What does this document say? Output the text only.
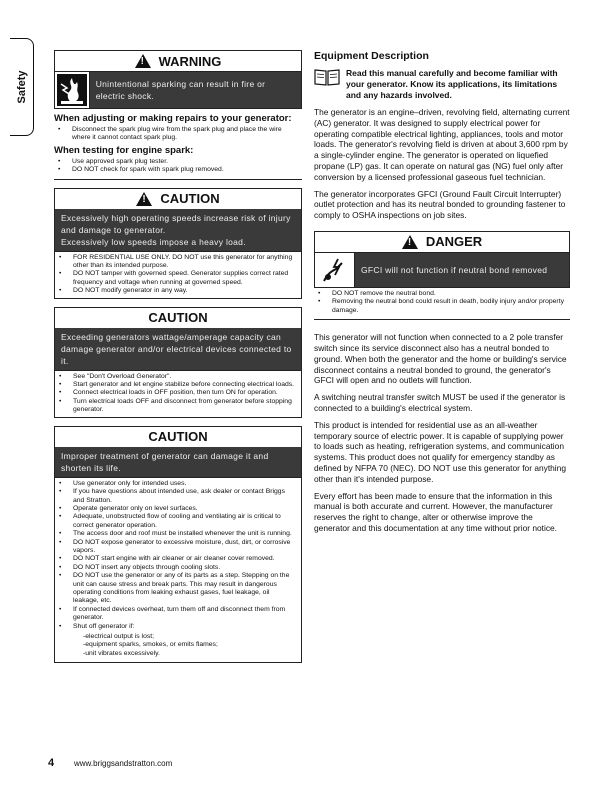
Safety
!
WARNING
Unintentional sparking can result in fire or electric shock.
When adjusting or making repairs to your generator:
• Disconnect the spark plug wire from the spark plug and place the wire where it cannot contact spark plug.
When testing for engine spark:
• Use approved spark plug tester.
• DO NOT check for spark with spark plug removed.
!
CAUTION
Excessively high operating speeds increase risk of injury and damage to generator.
Excessively low speeds impose a heavy load.
• FOR RESIDENTIAL USE ONLY. DO NOT use this generator for anything other than its intended purpose.
• DO NOT tamper with governed speed. Generator supplies correct rated frequency and voltage when running at governed speed.
• DO NOT modify generator in any way.
CAUTION
Exceeding generators wattage/amperage capacity can damage generator and/or electrical devices connected to it.
• See "Don't Overload Generator".
• Start generator and let engine stabilize before connecting electrical loads.
• Connect electrical loads in OFF position, then turn ON for operation.
• Turn electrical loads OFF and disconnect from generator before stopping generator.
CAUTION
Improper treatment of generator can damage it and shorten its life.
• Use generator only for intended uses.
• If you have questions about intended use, ask dealer or contact Briggs and Stratton.
• Operate generator only on level surfaces.
• Adequate, unobstructed flow of cooling and ventilating air is critical to correct generator operation.
• The access door and roof must be installed whenever the unit is running.
• DO NOT expose generator to excessive moisture, dust, dirt, or corrosive vapors.
• DO NOT start engine with air cleaner or air cleaner cover removed.
• DO NOT insert any objects through cooling slots.
• DO NOT use the generator or any of its parts as a step. Stepping on the unit can cause stress and break parts. This may result in dangerous operating conditions from leaking exhaust gases, fuel leakage, oil leakage, etc.
• If connected devices overheat, turn them off and disconnect them from generator.
• Shut off generator if:
-electrical output is lost;
-equipment sparks, smokes, or emits flames;
-unit vibrates excessively.
Equipment Description
Read this manual carefully and become familiar with your generator. Know its applications, its limitations and any hazards involved.
The generator is an engine–driven, revolving field, alternating current (AC) generator. It was designed to supply electrical power for operating compatible electrical lighting, appliances, tools and motor loads. The generator's revolving field is driven at about 3,600 rpm by a single-cylinder engine. The generator is operated on liquefied propane (LP) gas. It can operate on natural gas (NG) fuel only after conversion by a licensed professional gaseous fuel technician.
The generator incorporates GFCI (Ground Fault Circuit Interrupter) outlet protection and has its neutral bonded to grounding fastener to comply to OSHA inspections on job sites.
!
DANGER
GFCI will not function if neutral bond removed
• DO NOT remove the neutral bond.
• Removing the neutral bond could result in death, bodily injury and/or property damage.
This generator will not function when connected to a 2 pole transfer switch since its service disconnect also has a neutral bonded to ground. When both the generator and the home or building's service disconnect contains a neutral bonded to ground, the generator's GFCI will open and no outlets will function.
A switching neutral transfer switch MUST be used if the generator is connected to a building's electrical system.
This product is intended for residential use as an all-weather temporary source of electric power. It is capable of supplying power to loads such as heating, refrigeration systems, and communication systems. This product does not qualify for emergency standby as defined by NFPA 70 (NEC). DO NOT use this generator for anything other than it's intended purpose.
Every effort has been made to ensure that the information in this manual is both accurate and current. However, the manufacturer reserves the right to change, alter or otherwise improve the generator and this documentation at any time without prior notice.
4 www.briggsandstratton.com
